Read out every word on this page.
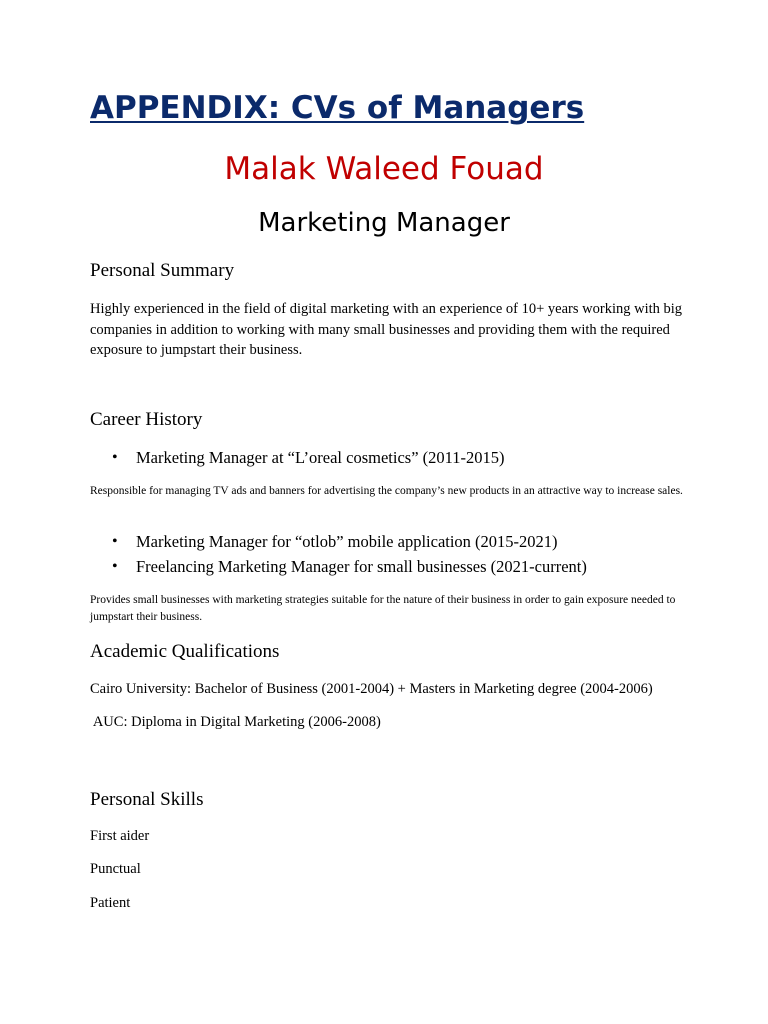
APPENDIX: CVs of Managers
Malak Waleed Fouad
Marketing Manager
Personal Summary

Highly experienced in the field of digital marketing with an experience of 10+ years working with big companies in addition to working with many small businesses and providing them with the required exposure to jumpstart their business.

Career History
• Marketing Manager at “L’oreal cosmetics” (2011-2015)

Responsible for managing TV ads and banners for advertising the company’s new products in an attractive way to increase sales.

• Marketing Manager for “otlob” mobile application (2015-2021)
• Freelancing Marketing Manager for small businesses (2021-current)

Provides small businesses with marketing strategies suitable for the nature of their business in order to gain exposure needed to jumpstart their business.

Academic Qualifications
Cairo University: Bachelor of Business (2001-2004) + Masters in Marketing degree (2004-2006)
AUC: Diploma in Digital Marketing (2006-2008)
Personal Skills
First aider
Punctual
Patient
